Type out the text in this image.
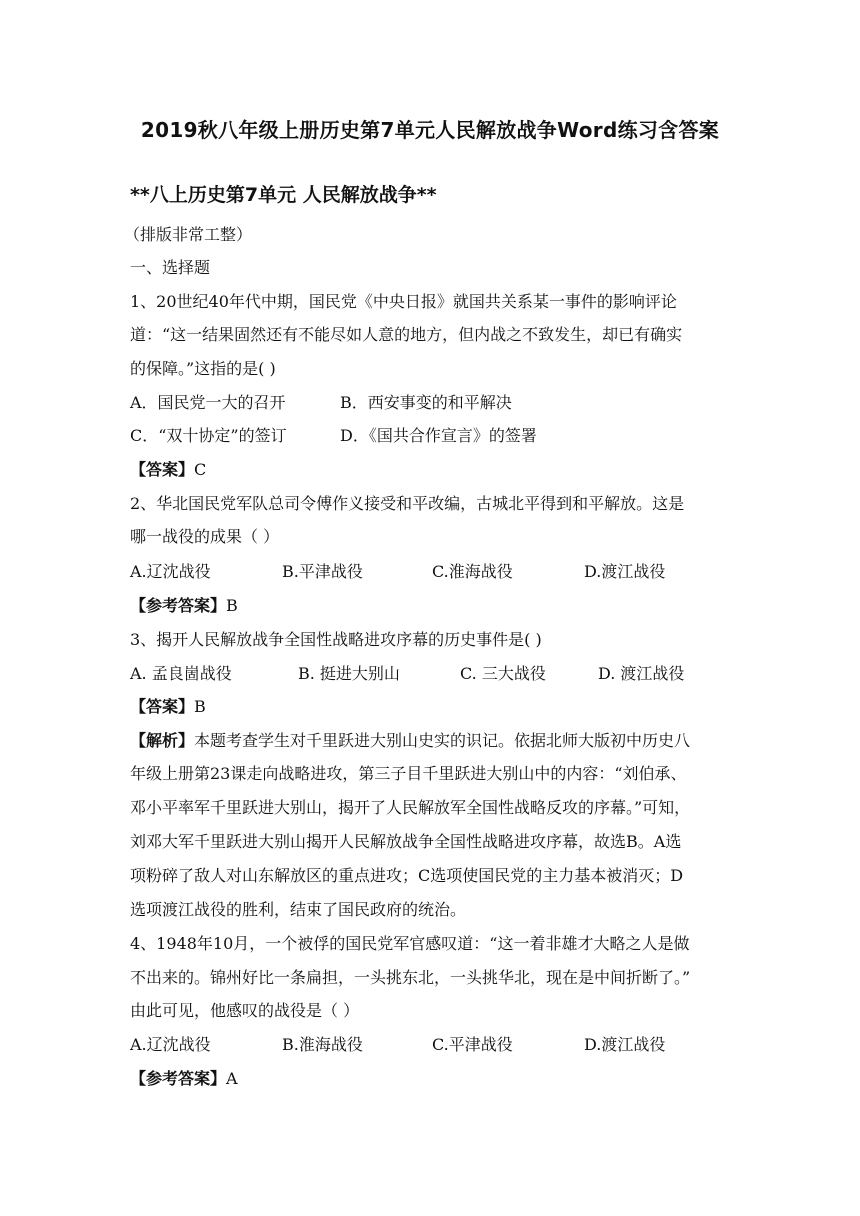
2019秋八年级上册历史第7单元人民解放战争Word练习含答案
**八上历史第7单元 人民解放战争**
（排版非常工整）
一、选择题
1、20世纪40年代中期，国民党《中央日报》就国共关系某一事件的影响评论
道：“这一结果固然还有不能尽如人意的地方，但内战之不致发生，却已有确实
的保障。”这指的是( )
A．国民党一大的召开	B．西安事变的和平解决
C．“双十协定”的签订	D．《国共合作宣言》的签署
【答案】C
2、华北国民党军队总司令傅作义接受和平改编，古城北平得到和平解放。这是
哪一战役的成果（ ）
A.辽沈战役	B.平津战役	C.淮海战役	D.渡江战役
【参考答案】B
3、揭开人民解放战争全国性战略进攻序幕的历史事件是( )
A. 孟良崮战役	B. 挺进大别山	C. 三大战役	D. 渡江战役
【答案】B
【解析】本题考查学生对千里跃进大别山史实的识记。依据北师大版初中历史八
年级上册第23课走向战略进攻，第三子目千里跃进大别山中的内容：“刘伯承、
邓小平率军千里跃进大别山，揭开了人民解放军全国性战略反攻的序幕。”可知，
刘邓大军千里跃进大别山揭开人民解放战争全国性战略进攻序幕，故选B。A选
项粉碎了敌人对山东解放区的重点进攻；C选项使国民党的主力基本被消灭；D
选项渡江战役的胜利，结束了国民政府的统治。
4、1948年10月，一个被俘的国民党军官感叹道：“这一着非雄才大略之人是做
不出来的。锦州好比一条扁担，一头挑东北，一头挑华北，现在是中间折断了。”
由此可见，他感叹的战役是（ ）
A.辽沈战役	B.淮海战役	C.平津战役	D.渡江战役
【参考答案】A
